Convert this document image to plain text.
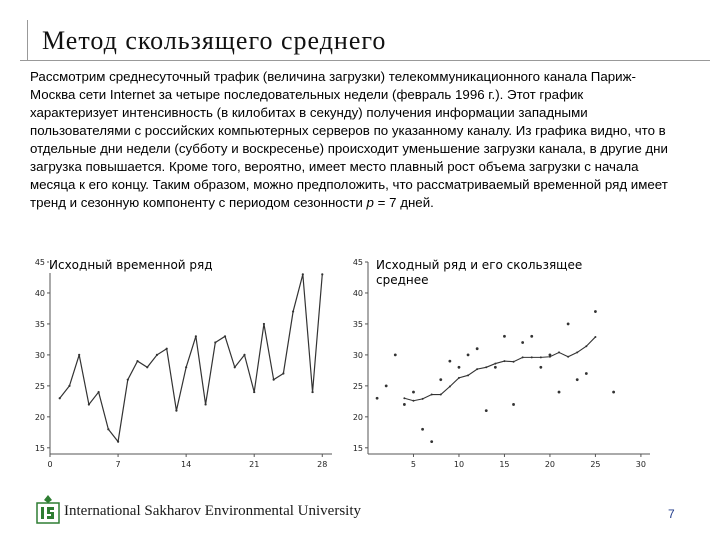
Метод скользящего среднего
Рассмотрим среднесуточный трафик (величина загрузки) телекоммуникационного канала Париж-Москва сети Internet за четыре последовательных недели (февраль 1996 г.). Этот график характеризует интенсивность (в килобитах в секунду) получения информации западными пользователями с российских компьютерных серверов по указанному каналу. Из графика видно, что в отдельные дни недели (субботу и воскресенье) происходит уменьшение загрузки канала, в другие дни загрузка повышается. Кроме того, вероятно, имеет место плавный рост объема загрузки с начала месяца к его концу. Таким образом, можно предположить, что рассматриваемый временной ряд имеет тренд и сезонную компоненту с периодом сезонности p = 7 дней.
15
20
25
30
35
40
45
0	7	14	21	28
Исходный временной ряд
15
20
25
30
35
40
45
5	10	15	20	25	30
Исходный ряд и его скользящее среднее
International Sakharov Environmental University	7
